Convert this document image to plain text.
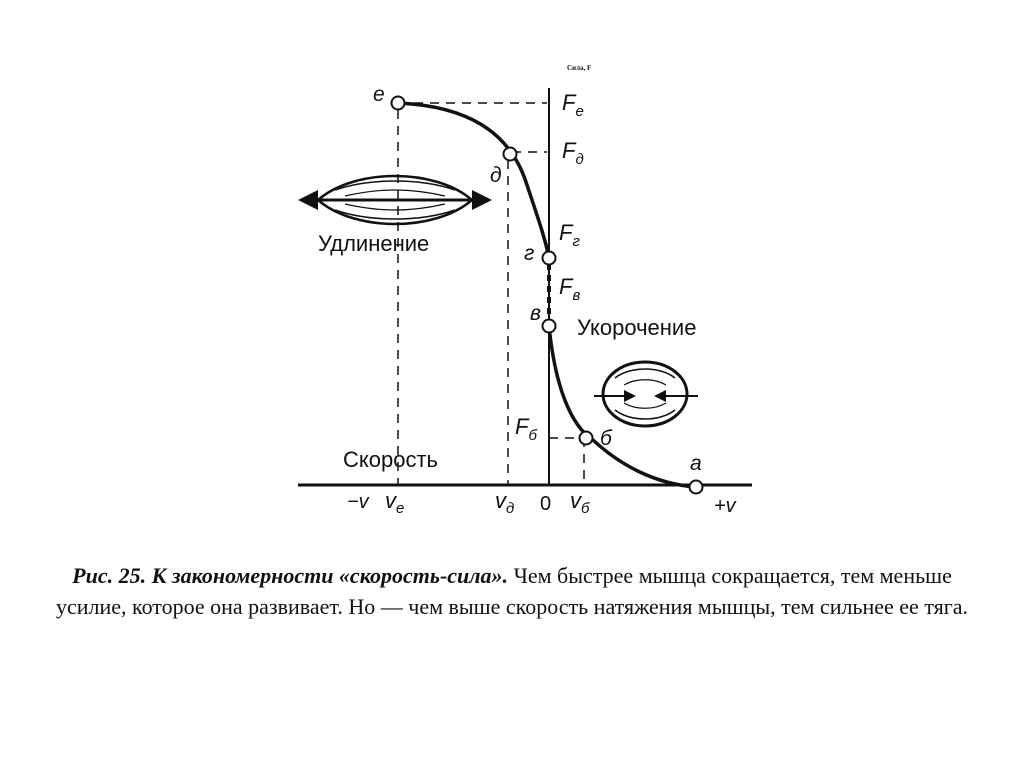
Сила, F
e
д
г
в
б
a
$F_e$
$F_д$
$F_г$
$F_в$
$F_б$
−v $v_e$	$v_д$ 0 $v_б$	+v
Скорость
Удлинение
Укорочение
Рис. 25. К закономерности «скорость-сила». Чем быстрее мышца сокращается, тем меньше усилие, которое она развивает. Но — чем выше скорость натяжения мышцы, тем сильнее ее тяга.
